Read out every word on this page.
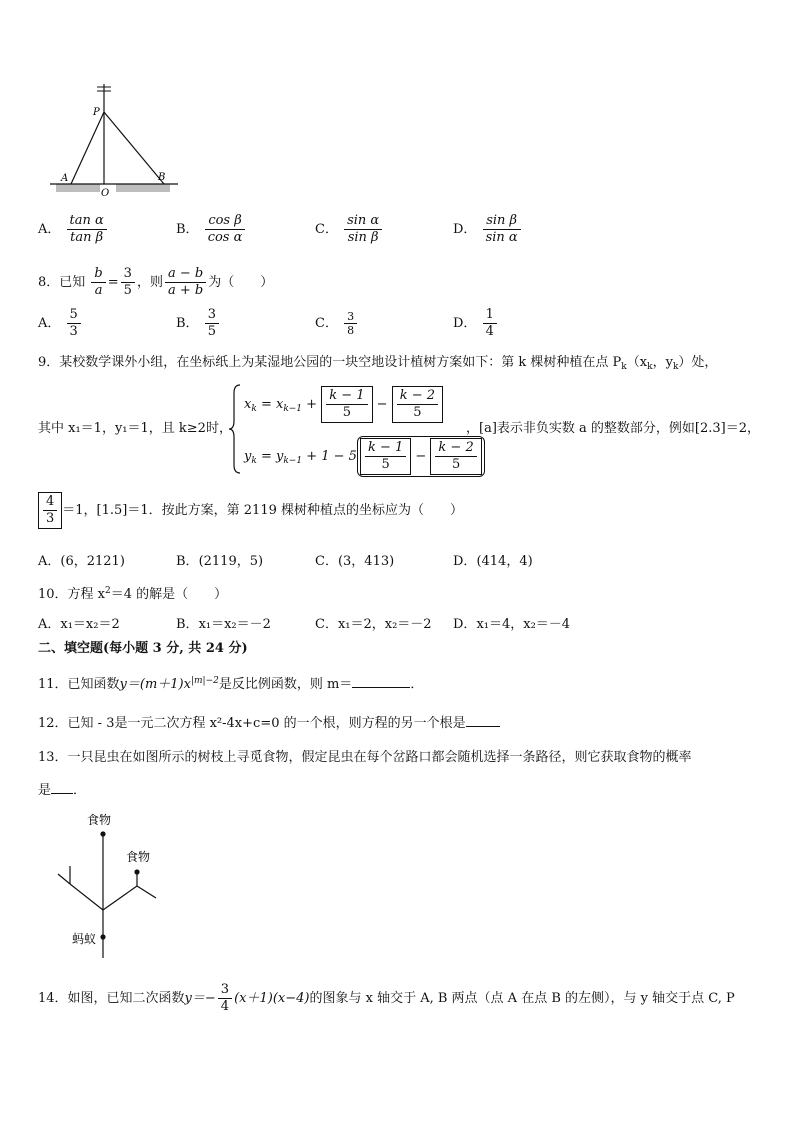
P
A
O
B
A． $\frac{\text{tan α}}{\text{tan β}}$	B． $\frac{\text{cos β}}{\text{cos α}}$	C． $\frac{\text{sin α}}{\text{sin β}}$	D． $\frac{\text{sin β}}{\text{sin α}}$
8．已知 $\frac{b}{a} = \frac{3}{5}$ ，则 $\frac{a - b}{a + b}$ 为（　　）
A． $\frac{5}{3}$	B． $\frac{3}{5}$	C． $\frac{3}{8}$	D． $\frac{1}{4}$
9．某校数学课外小组，在坐标纸上为某湿地公园的一块空地设计植树方案如下：第 k 棵树种植在点 $P_k(x_k$，$y_k$）处，
其中 x₁＝1，y₁＝1，且 k≥2时，
$x_k = x_{k-1} + \frac{k - 1}{5} - \frac{k - 2}{5}$
$y_k = y_{k-1} + 1 - 5 \frac{k - 1}{5} - \frac{k - 2}{5}$
，[a]表示非负实数 a 的整数部分，例如[2.3]＝2，
$\frac{4}{3} =1$，[1.5]＝1．按此方案，第 2119 棵树种植点的坐标应为（　　）
A．(6，2121)	B．(2119，5)	C．(3，413)	D．(414，4)
10．方程 $x^2=4$ 的解是（　　）
A．x₁＝x₂＝2	B．x₁＝x₂＝－2	C．x₁＝2，x₂＝－2 D．x₁＝4，x₂＝－4
二、填空题(每小题 3 分, 共 24 分)
11．已知函数$y=(m+1)x^{|m|-2}$是反比例函数，则 m＝	．
12．已知 - 3是一元二次方程 x²-4x+c=0 的一个根，则方程的另一个根是
13．一只昆虫在如图所示的树枝上寻觅食物，假定昆虫在每个岔路口都会随机选择一条路径，则它获取食物的概率
是 ．
食物
食物
蚂蚁
14．如图，已知二次函数$y=- \frac{3}{4} (x+1)(x-4)$的图象与 x 轴交于 A, B 两点（点 A 在点 B 的左侧），与 y 轴交于点 C, P
